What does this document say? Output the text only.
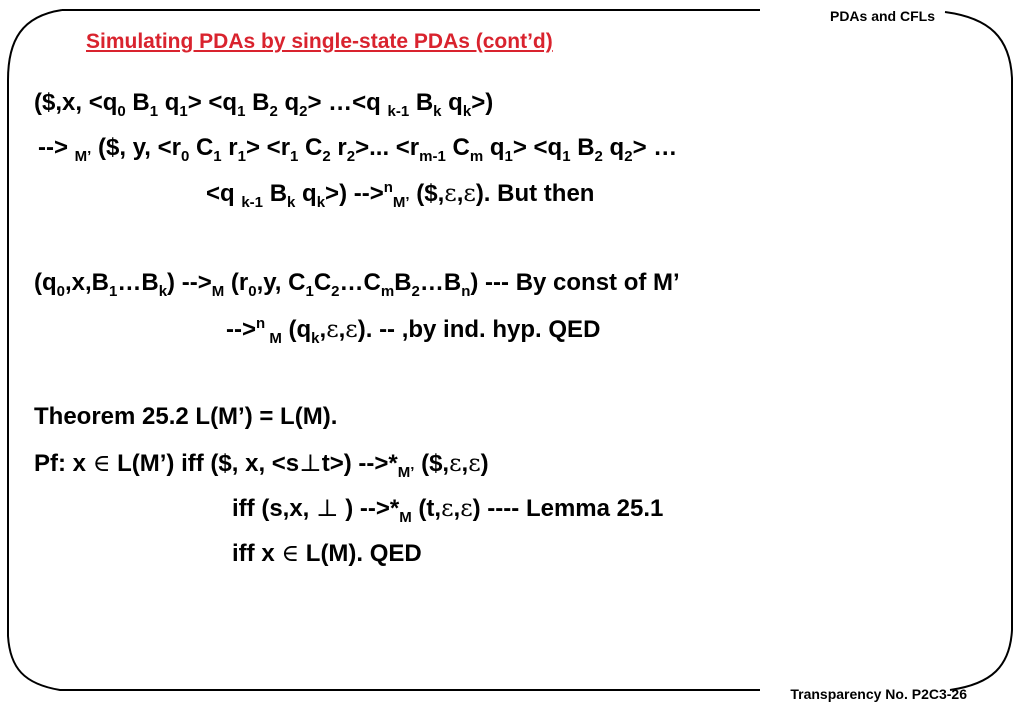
PDAs and CFLs
Simulating PDAs by single-state PDAs (cont’d)
($,x, $<q_0$ $B_1$ $q_1> <q_1$ $B_2$ $q_2>$ …<q $_{k-1}$ $B_k$ $q_k>$)
--> $_{M’}$ ($, y, $<r_0$ $C_1$ $r_1> <r_1$ $C_2$ $r_2>$... $<r_{m-1}$ $C_m$ $q_1> <q_1$ $B_2$ $q_2>$ …
<q $_{k-1}$ $B_k$ $q_k>$) -->$^n_{M’}$ ($,ε,ε). But then
$(q_0,x,B_1\dots B_k)$ $-->_M$ ($r_0,y$, $C_1C_2\dots C_mB_2\dots B_n$) --- By const of M’
-->$^n$ $_M$ $(q_k,\varepsilon,\varepsilon)$. -- ,by ind. hyp. QED
Theorem 25.2 L(M’) = L(M).
Pf: x ∈ L(M’) iff ($, x, <s⊥t>) $-->*_{M’}$ ($,ε,ε)
iff (s,x, ⊥ ) $-->*_M$ (t,ε,ε) ---- Lemma 25.1
iff x ∈ L(M). QED
Transparency No. P2C3-26
